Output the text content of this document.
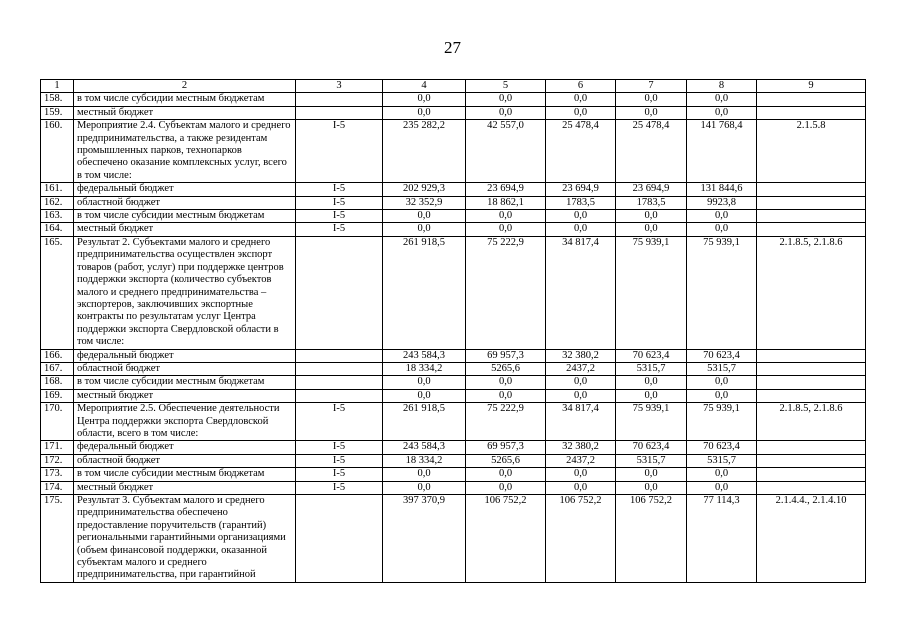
27
1	2	3	4	5	6	7	8	9
158.	в том числе субсидии местным бюджетам		0,0	0,0	0,0	0,0	0,0	
159.	местный бюджет		0,0	0,0	0,0	0,0	0,0	
160.	Мероприятие 2.4. Субъектам малого и среднего предпринимательства, а также резидентам промышленных парков, технопарков обеспечено оказание комплексных услуг, всего в том числе:	I-5	235 282,2	42 557,0	25 478,4	25 478,4	141 768,4	2.1.5.8
161.	федеральный бюджет	I-5	202 929,3	23 694,9	23 694,9	23 694,9	131 844,6	
162.	областной бюджет	I-5	32 352,9	18 862,1	1783,5	1783,5	9923,8	
163.	в том числе субсидии местным бюджетам	I-5	0,0	0,0	0,0	0,0	0,0	
164.	местный бюджет	I-5	0,0	0,0	0,0	0,0	0,0	
165.	Результат 2. Субъектами малого и среднего предпринимательства осуществлен экспорт товаров (работ, услуг) при поддержке центров поддержки экспорта (количество субъектов малого и среднего предпринимательства – экспортеров, заключивших экспортные контракты по результатам услуг Центра поддержки экспорта Свердловской области в том числе:		261 918,5	75 222,9	34 817,4	75 939,1	75 939,1	2.1.8.5, 2.1.8.6
166.	федеральный бюджет		243 584,3	69 957,3	32 380,2	70 623,4	70 623,4	
167.	областной бюджет		18 334,2	5265,6	2437,2	5315,7	5315,7	
168.	в том числе субсидии местным бюджетам		0,0	0,0	0,0	0,0	0,0	
169.	местный бюджет		0,0	0,0	0,0	0,0	0,0	
170.	Мероприятие 2.5. Обеспечение деятельности Центра поддержки экспорта Свердловской области, всего в том числе:	I-5	261 918,5	75 222,9	34 817,4	75 939,1	75 939,1	2.1.8.5, 2.1.8.6
171.	федеральный бюджет	I-5	243 584,3	69 957,3	32 380,2	70 623,4	70 623,4	
172.	областной бюджет	I-5	18 334,2	5265,6	2437,2	5315,7	5315,7	
173.	в том числе субсидии местным бюджетам	I-5	0,0	0,0	0,0	0,0	0,0	
174.	местный бюджет	I-5	0,0	0,0	0,0	0,0	0,0	
175.	Результат 3. Субъектам малого и среднего предпринимательства обеспечено предоставление поручительств (гарантий) региональными гарантийными организациями (объем финансовой поддержки, оказанной субъектам малого и среднего предпринимательства, при гарантийной		397 370,9	106 752,2	106 752,2	106 752,2	77 114,3	2.1.4.4., 2.1.4.10
